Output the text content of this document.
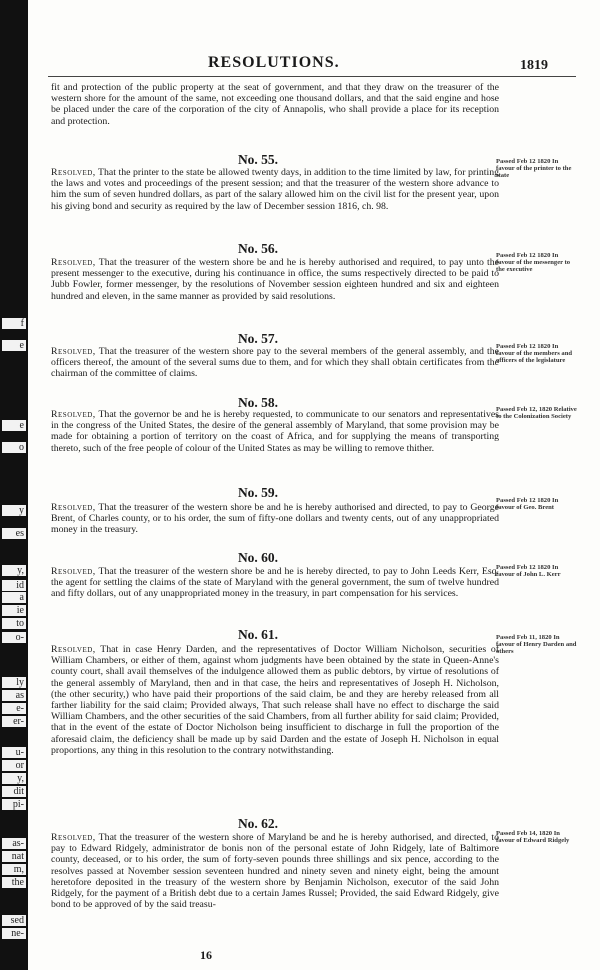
f
e
e
o
y
es
y,
id
a
ie
to
o-
ly
as
e-
er-
u-
or
y,
dit
pi-
as-
nat
m,
the
sed
ne-
RESOLUTIONS.	1819
fit and protection of the public property at the seat of government, and that they draw on the treasurer of the western shore for the amount of the same, not exceeding one thousand dollars, and that the said engine and hose be placed under the care of the corporation of the city of Annapolis, who shall provide a place for its reception and protection.
No. 55.	Passed Feb 12 1820 In favour of the printer to the state
Resolved, That the printer to the state be allowed twenty days, in addition to the time limited by law, for printing the laws and votes and proceedings of the present session; and that the treasurer of the western shore advance to him the sum of seven hundred dollars, as part of the salary allowed him on the civil list for the present year, upon his giving bond and security as required by the law of December session 1816, ch. 98.
No. 56.	Passed Feb 12 1820 In favour of the messenger to the executive
Resolved, That the treasurer of the western shore be and he is hereby authorised and required, to pay unto the present messenger to the executive, during his continuance in office, the sums respectively directed to be paid to Jubb Fowler, former messenger, by the resolutions of November session eighteen hundred and six and eighteen hundred and eleven, in the same manner as provided by said resolutions.
No. 57.
Passed Feb 12 1820 In favour of the members and officers of the legislature
Resolved, That the treasurer of the western shore pay to the several members of the general assembly, and the officers thereof, the amount of the several sums due to them, and for which they shall obtain certificates from the chairman of the committee of claims.
No. 58.	Passed Feb 12, 1820 Relative to the Colonization Society
Resolved, That the governor be and he is hereby requested, to communicate to our senators and representatives in the congress of the United States, the desire of the general assembly of Maryland, that some provision may be made for obtaining a portion of territory on the coast of Africa, and for supplying the means of transporting thereto, such of the free people of colour of the United States as may be willing to remove thither.
No. 59.
Passed Feb 12 1820 In favour of Geo. Brent
Resolved, That the treasurer of the western shore be and he is hereby authorised and directed, to pay to George Brent, of Charles county, or to his order, the sum of fifty-one dollars and twenty cents, out of any unappropriated money in the treasury.
No. 60.
Passed Feb 12 1820 In favour of John L. Kerr
Resolved, That the treasurer of the western shore be and he is hereby directed, to pay to John Leeds Kerr, Esq. the agent for settling the claims of the state of Maryland with the general government, the sum of twelve hundred and fifty dollars, out of any unappropriated money in the treasury, in part compensation for his services.
No. 61.	Passed Feb 11, 1820 In favour of Henry Darden and others
Resolved, That in case Henry Darden, and the representatives of Doctor William Nicholson, securities of William Chambers, or either of them, against whom judgments have been obtained by the state in Queen-Anne's county court, shall avail themselves of the indulgence allowed them as public debtors, by virtue of resolutions of the general assembly of Maryland, then and in that case, the heirs and representatives of Joseph H. Nicholson, (the other security,) who have paid their proportions of the said claim, be and they are hereby released from all farther liability for the said claim; Provided always, That such release shall have no effect to discharge the said William Chambers, and the other securities of the said Chambers, from all further ability for said claim; Provided, that in the event of the estate of Doctor Nicholson being insufficient to discharge in full the proportion of the aforesaid claim, the deficiency shall be made up by said Darden and the estate of Joseph H. Nicholson in equal proportions, any thing in this resolution to the contrary notwithstanding.
No. 62.
Passed Feb 14, 1820 In favour of Edward Ridgely
Resolved, That the treasurer of the western shore of Maryland be and he is hereby authorised, and directed, to pay to Edward Ridgely, administrator de bonis non of the personal estate of John Ridgely, late of Baltimore county, deceased, or to his order, the sum of forty-seven pounds three shillings and six pence, according to the resolves passed at November session seventeen hundred and ninety seven and ninety eight, being the amount heretofore deposited in the treasury of the western shore by Benjamin Nicholson, executor of the said John Ridgely, for the payment of a British debt due to a certain James Russel; Provided, the said Edward Ridgely, give bond to be approved of by the said treasu-
16
